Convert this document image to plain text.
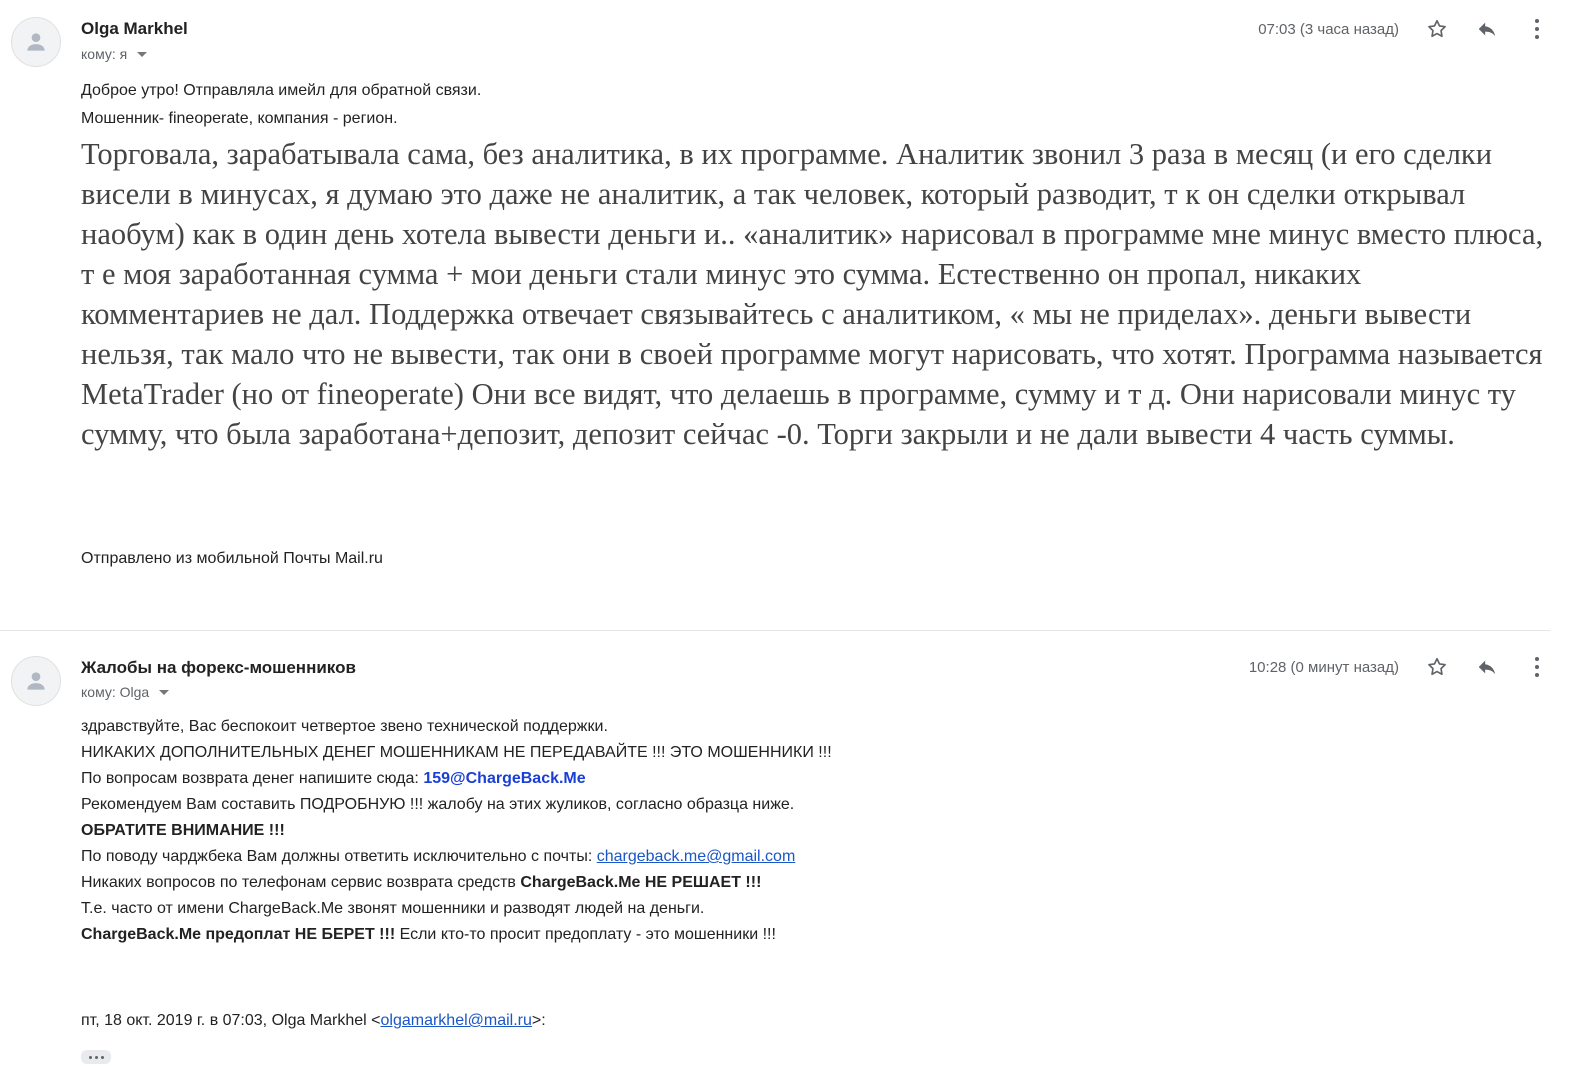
Olga Markhel
кому: я
07:03 (3 часа назад)
Доброе утро! Отправляла имейл для обратной связи.
Мошенник- fineoperate, компания - регион.
Торговала, зарабатывала сама, без аналитика, в их программе. Аналитик звонил 3 раза в месяц (и его сделки висели в минусах, я думаю это даже не аналитик, а так человек, который разводит, т к он сделки открывал наобум) как в один день хотела вывести деньги и.. «аналитик» нарисовал в программе мне минус вместо плюса, т е моя заработанная сумма + мои деньги стали минус это сумма. Естественно он пропал, никаких комментариев не дал. Поддержка отвечает связывайтесь с аналитиком, « мы не приделах». деньги вывести нельзя, так мало что не вывести, так они в своей программе могут нарисовать, что хотят. Программа называется MetaTrader (но от fineoperate) Они все видят, что делаешь в программе, сумму и т д. Они нарисовали минус ту сумму, что была заработана+депозит, депозит сейчас -0. Торги закрыли и не дали вывести 4 часть суммы.
Отправлено из мобильной Почты Mail.ru
Жалобы на форекс-мошенников
кому: Olga
10:28 (0 минут назад)
здравствуйте, Вас беспокоит четвертое звено технической поддержки.
НИКАКИХ ДОПОЛНИТЕЛЬНЫХ ДЕНЕГ МОШЕННИКАМ НЕ ПЕРЕДАВАЙТЕ !!! ЭТО МОШЕННИКИ !!!
По вопросам возврата денег напишите сюда: 159@ChargeBack.Me
Рекомендуем Вам составить ПОДРОБНУЮ !!! жалобу на этих жуликов, согласно образца ниже.
ОБРАТИТЕ ВНИМАНИЕ !!!
По поводу чарджбека Вам должны ответить исключительно с почты: chargeback.me@gmail.com
Никаких вопросов по телефонам сервис возврата средств ChargeBack.Me НЕ РЕШАЕТ !!!
Т.е. часто от имени ChargeBack.Me звонят мошенники и разводят людей на деньги.
ChargeBack.Me предоплат НЕ БЕРЕТ !!! Если кто-то просит предоплату - это мошенники !!!
пт, 18 окт. 2019 г. в 07:03, Olga Markhel <olgamarkhel@mail.ru>:
